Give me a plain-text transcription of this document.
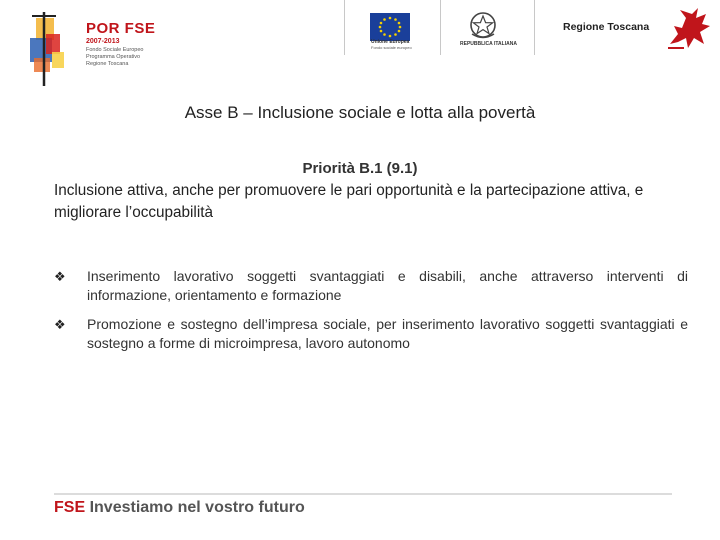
POR FSE
2007-2013
Fondo Sociale Europeo
Programma Operativo
Regione Toscana
Unione Europea
Fondo sociale europeo
REPUBBLICA ITALIANA
Regione Toscana
Asse B – Inclusione sociale e lotta alla povertà
Priorità B.1 (9.1)
Inclusione attiva, anche per promuovere le pari opportunità e la partecipazione attiva, e migliorare l’occupabilità
❖ Inserimento lavorativo soggetti svantaggiati e disabili, anche attraverso interventi di informazione, orientamento e formazione
❖ Promozione e sostegno dell’impresa sociale, per inserimento lavorativo soggetti svantaggiati e sostegno a forme di microimpresa, lavoro autonomo
FSE Investiamo nel vostro futuro
